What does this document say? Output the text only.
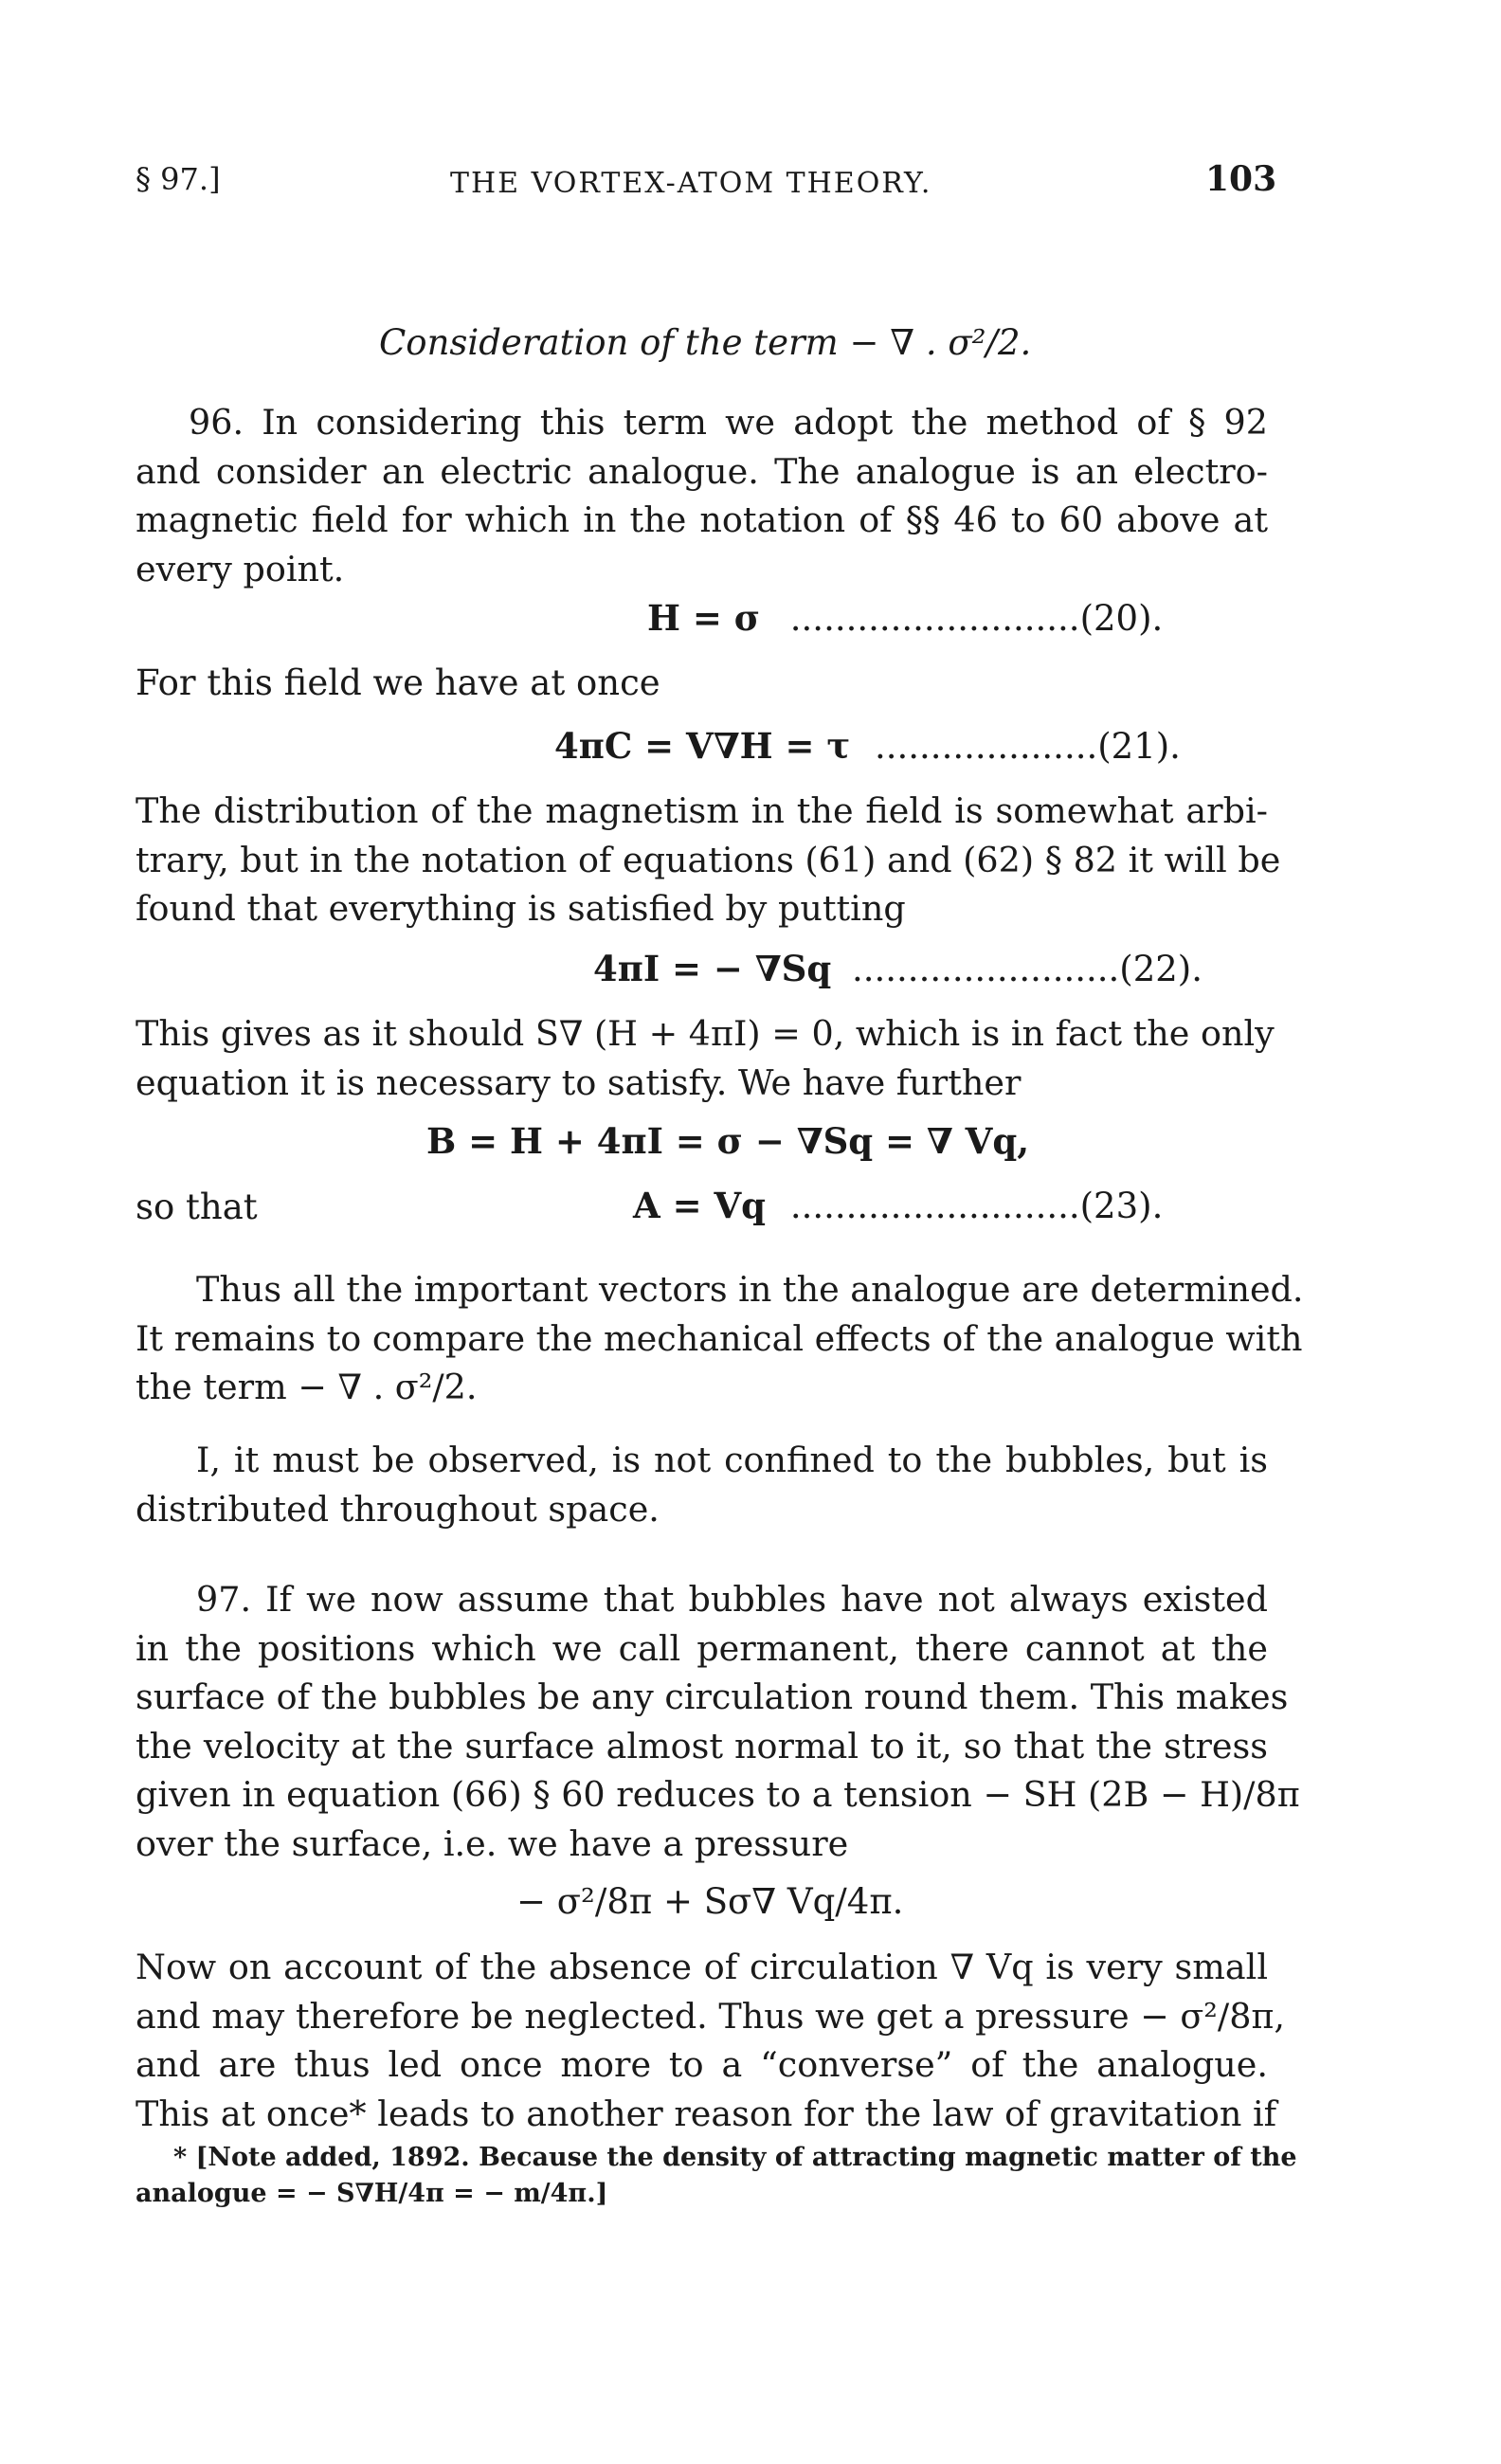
§ 97.]	THE VORTEX-ATOM THEORY.	103
Consideration of the term − ∇ . σ²/2.
96. In considering this term we adopt the method of § 92
and consider an electric analogue. The analogue is an electro-
magnetic field for which in the notation of §§ 46 to 60 above at
every point.
H = σ ..........................(20).
For this field we have at once
4πC = V∇H = τ ....................(21).
The distribution of the magnetism in the field is somewhat arbi-
trary, but in the notation of equations (61) and (62) § 82 it will be
found that everything is satisfied by putting
4πI = − ∇Sq ........................(22).
This gives as it should S∇ (H + 4πI) = 0, which is in fact the only
equation it is necessary to satisfy. We have further
B = H + 4πI = σ − ∇Sq = ∇ Vq,
so that	A = Vq ..........................(23).
Thus all the important vectors in the analogue are determined.
It remains to compare the mechanical effects of the analogue with
the term − ∇ . σ²/2.
I, it must be observed, is not confined to the bubbles, but is
distributed throughout space.
97. If we now assume that bubbles have not always existed
in the positions which we call permanent, there cannot at the
surface of the bubbles be any circulation round them. This makes
the velocity at the surface almost normal to it, so that the stress
given in equation (66) § 60 reduces to a tension − SH (2B − H)/8π
over the surface, i.e. we have a pressure
− σ²/8π + Sσ∇ Vq/4π.
Now on account of the absence of circulation ∇ Vq is very small
and may therefore be neglected. Thus we get a pressure − σ²/8π,
and are thus led once more to a “converse” of the analogue.
This at once* leads to another reason for the law of gravitation if
* [Note added, 1892. Because the density of attracting magnetic matter of the
analogue = − S∇H/4π = − m/4π.]
